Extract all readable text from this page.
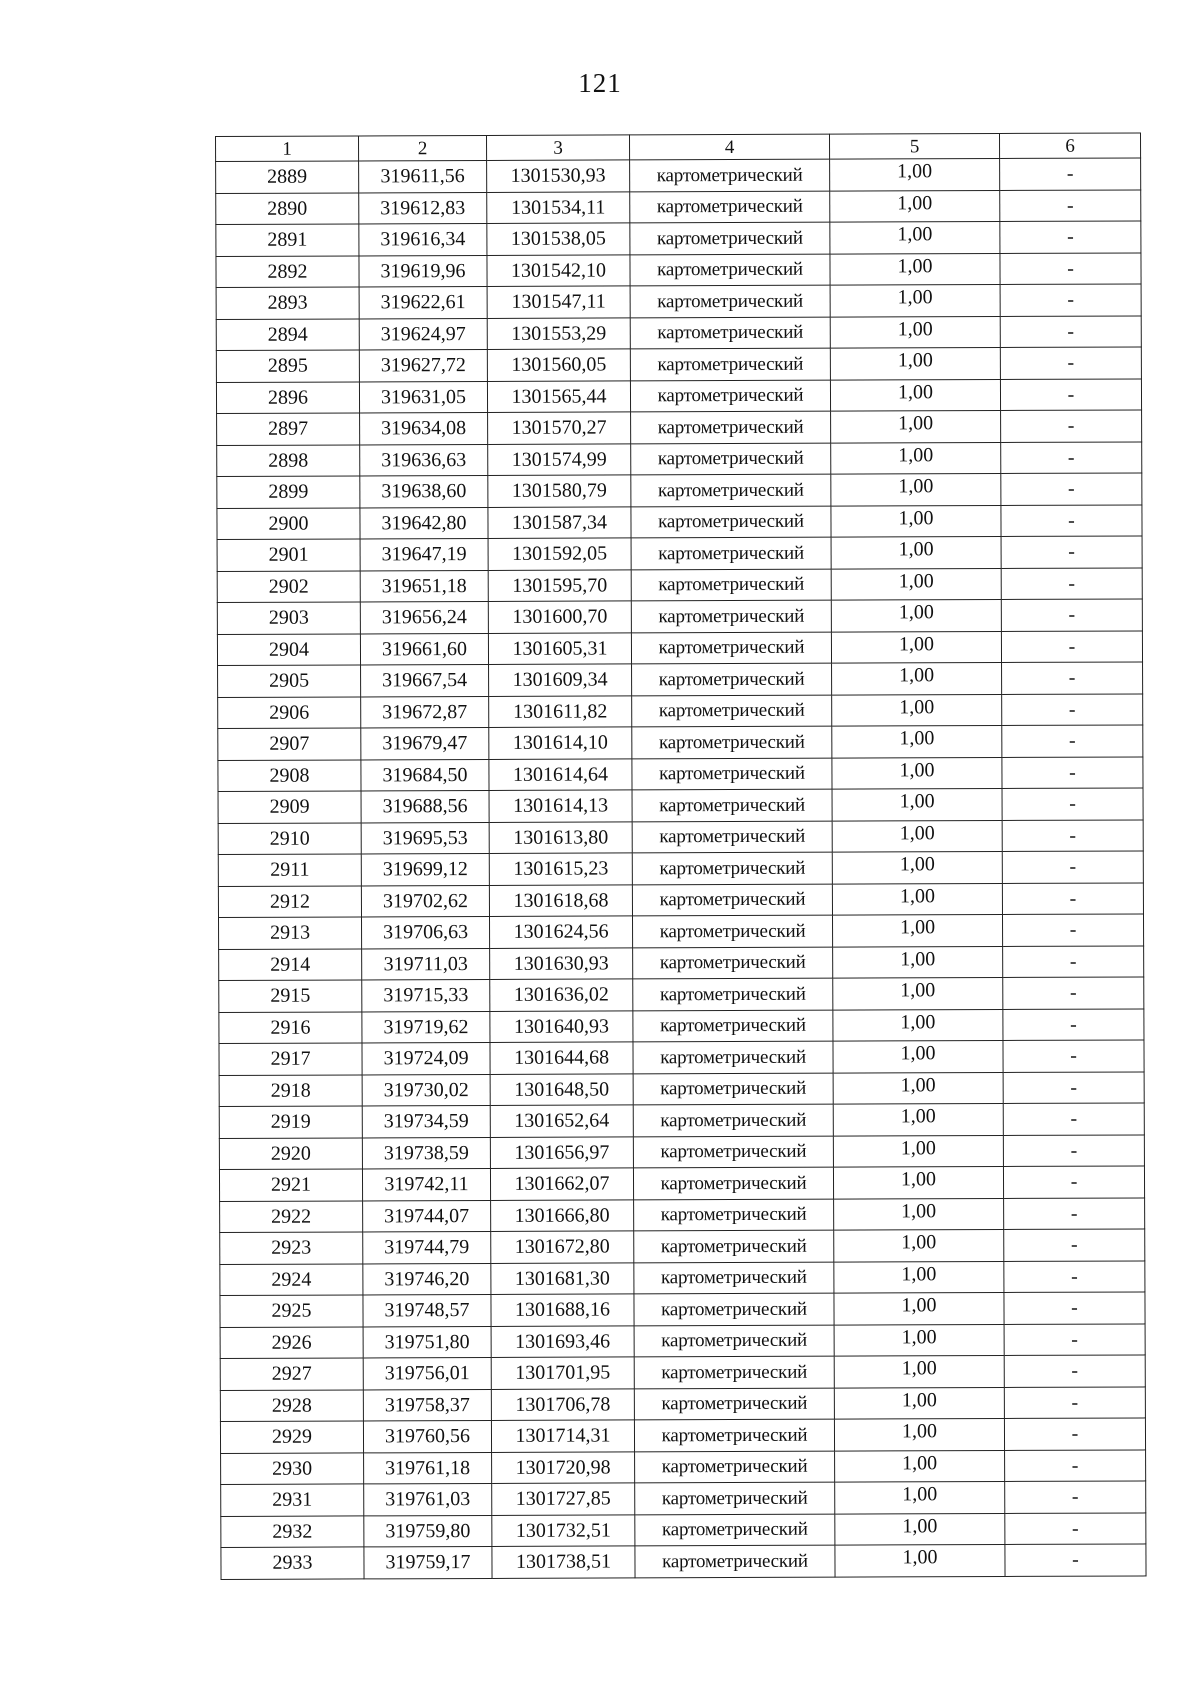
121
1	2	3	4	5	6
2889	319611,56	1301530,93	картометрический	1,00	-
2890	319612,83	1301534,11	картометрический	1,00	-
2891	319616,34	1301538,05	картометрический	1,00	-
2892	319619,96	1301542,10	картометрический	1,00	-
2893	319622,61	1301547,11	картометрический	1,00	-
2894	319624,97	1301553,29	картометрический	1,00	-
2895	319627,72	1301560,05	картометрический	1,00	-
2896	319631,05	1301565,44	картометрический	1,00	-
2897	319634,08	1301570,27	картометрический	1,00	-
2898	319636,63	1301574,99	картометрический	1,00	-
2899	319638,60	1301580,79	картометрический	1,00	-
2900	319642,80	1301587,34	картометрический	1,00	-
2901	319647,19	1301592,05	картометрический	1,00	-
2902	319651,18	1301595,70	картометрический	1,00	-
2903	319656,24	1301600,70	картометрический	1,00	-
2904	319661,60	1301605,31	картометрический	1,00	-
2905	319667,54	1301609,34	картометрический	1,00	-
2906	319672,87	1301611,82	картометрический	1,00	-
2907	319679,47	1301614,10	картометрический	1,00	-
2908	319684,50	1301614,64	картометрический	1,00	-
2909	319688,56	1301614,13	картометрический	1,00	-
2910	319695,53	1301613,80	картометрический	1,00	-
2911	319699,12	1301615,23	картометрический	1,00	-
2912	319702,62	1301618,68	картометрический	1,00	-
2913	319706,63	1301624,56	картометрический	1,00	-
2914	319711,03	1301630,93	картометрический	1,00	-
2915	319715,33	1301636,02	картометрический	1,00	-
2916	319719,62	1301640,93	картометрический	1,00	-
2917	319724,09	1301644,68	картометрический	1,00	-
2918	319730,02	1301648,50	картометрический	1,00	-
2919	319734,59	1301652,64	картометрический	1,00	-
2920	319738,59	1301656,97	картометрический	1,00	-
2921	319742,11	1301662,07	картометрический	1,00	-
2922	319744,07	1301666,80	картометрический	1,00	-
2923	319744,79	1301672,80	картометрический	1,00	-
2924	319746,20	1301681,30	картометрический	1,00	-
2925	319748,57	1301688,16	картометрический	1,00	-
2926	319751,80	1301693,46	картометрический	1,00	-
2927	319756,01	1301701,95	картометрический	1,00	-
2928	319758,37	1301706,78	картометрический	1,00	-
2929	319760,56	1301714,31	картометрический	1,00	-
2930	319761,18	1301720,98	картометрический	1,00	-
2931	319761,03	1301727,85	картометрический	1,00	-
2932	319759,80	1301732,51	картометрический	1,00	-
2933	319759,17	1301738,51	картометрический	1,00	-
